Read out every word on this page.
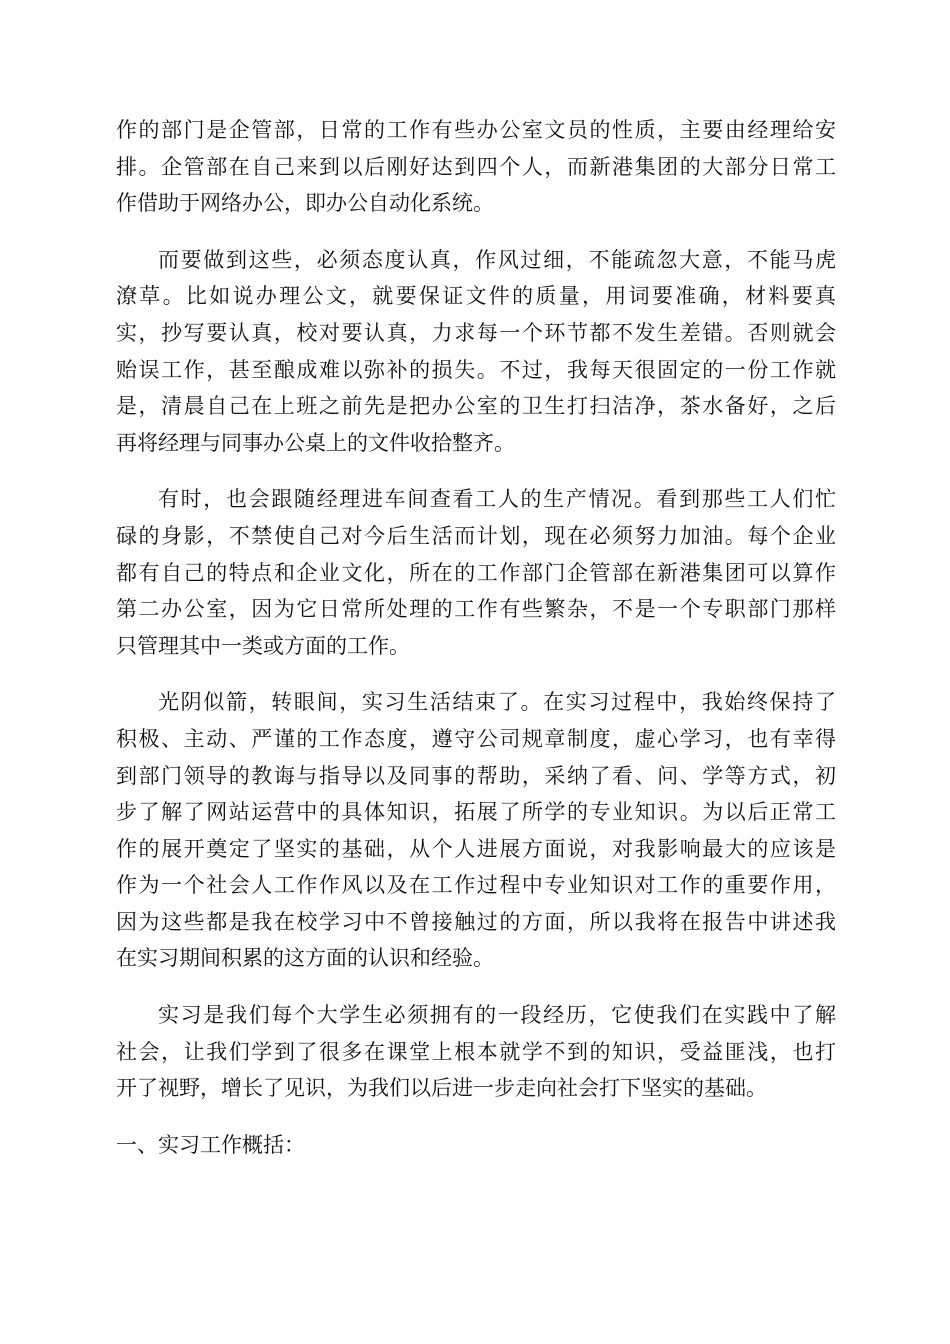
作的部门是企管部，日常的工作有些办公室文员的性质，主要由经理给安
排。企管部在自己来到以后刚好达到四个人，而新港集团的大部分日常工
作借助于网络办公，即办公自动化系统。
而要做到这些，必须态度认真，作风过细，不能疏忽大意，不能马虎
潦草。比如说办理公文，就要保证文件的质量，用词要准确，材料要真
实，抄写要认真，校对要认真，力求每一个环节都不发生差错。否则就会
贻误工作，甚至酿成难以弥补的损失。不过，我每天很固定的一份工作就
是，清晨自己在上班之前先是把办公室的卫生打扫洁净，茶水备好，之后
再将经理与同事办公桌上的文件收拾整齐。
有时，也会跟随经理进车间查看工人的生产情况。看到那些工人们忙
碌的身影，不禁使自己对今后生活而计划，现在必须努力加油。每个企业
都有自己的特点和企业文化，所在的工作部门企管部在新港集团可以算作
第二办公室，因为它日常所处理的工作有些繁杂，不是一个专职部门那样
只管理其中一类或方面的工作。
光阴似箭，转眼间，实习生活结束了。在实习过程中，我始终保持了
积极、主动、严谨的工作态度，遵守公司规章制度，虚心学习，也有幸得
到部门领导的教诲与指导以及同事的帮助，采纳了看、问、学等方式，初
步了解了网站运营中的具体知识，拓展了所学的专业知识。为以后正常工
作的展开奠定了坚实的基础，从个人进展方面说，对我影响最大的应该是
作为一个社会人工作作风以及在工作过程中专业知识对工作的重要作用，
因为这些都是我在校学习中不曾接触过的方面，所以我将在报告中讲述我
在实习期间积累的这方面的认识和经验。
实习是我们每个大学生必须拥有的一段经历，它使我们在实践中了解
社会，让我们学到了很多在课堂上根本就学不到的知识，受益匪浅，也打
开了视野，增长了见识，为我们以后进一步走向社会打下坚实的基础。
一、实习工作概括：
